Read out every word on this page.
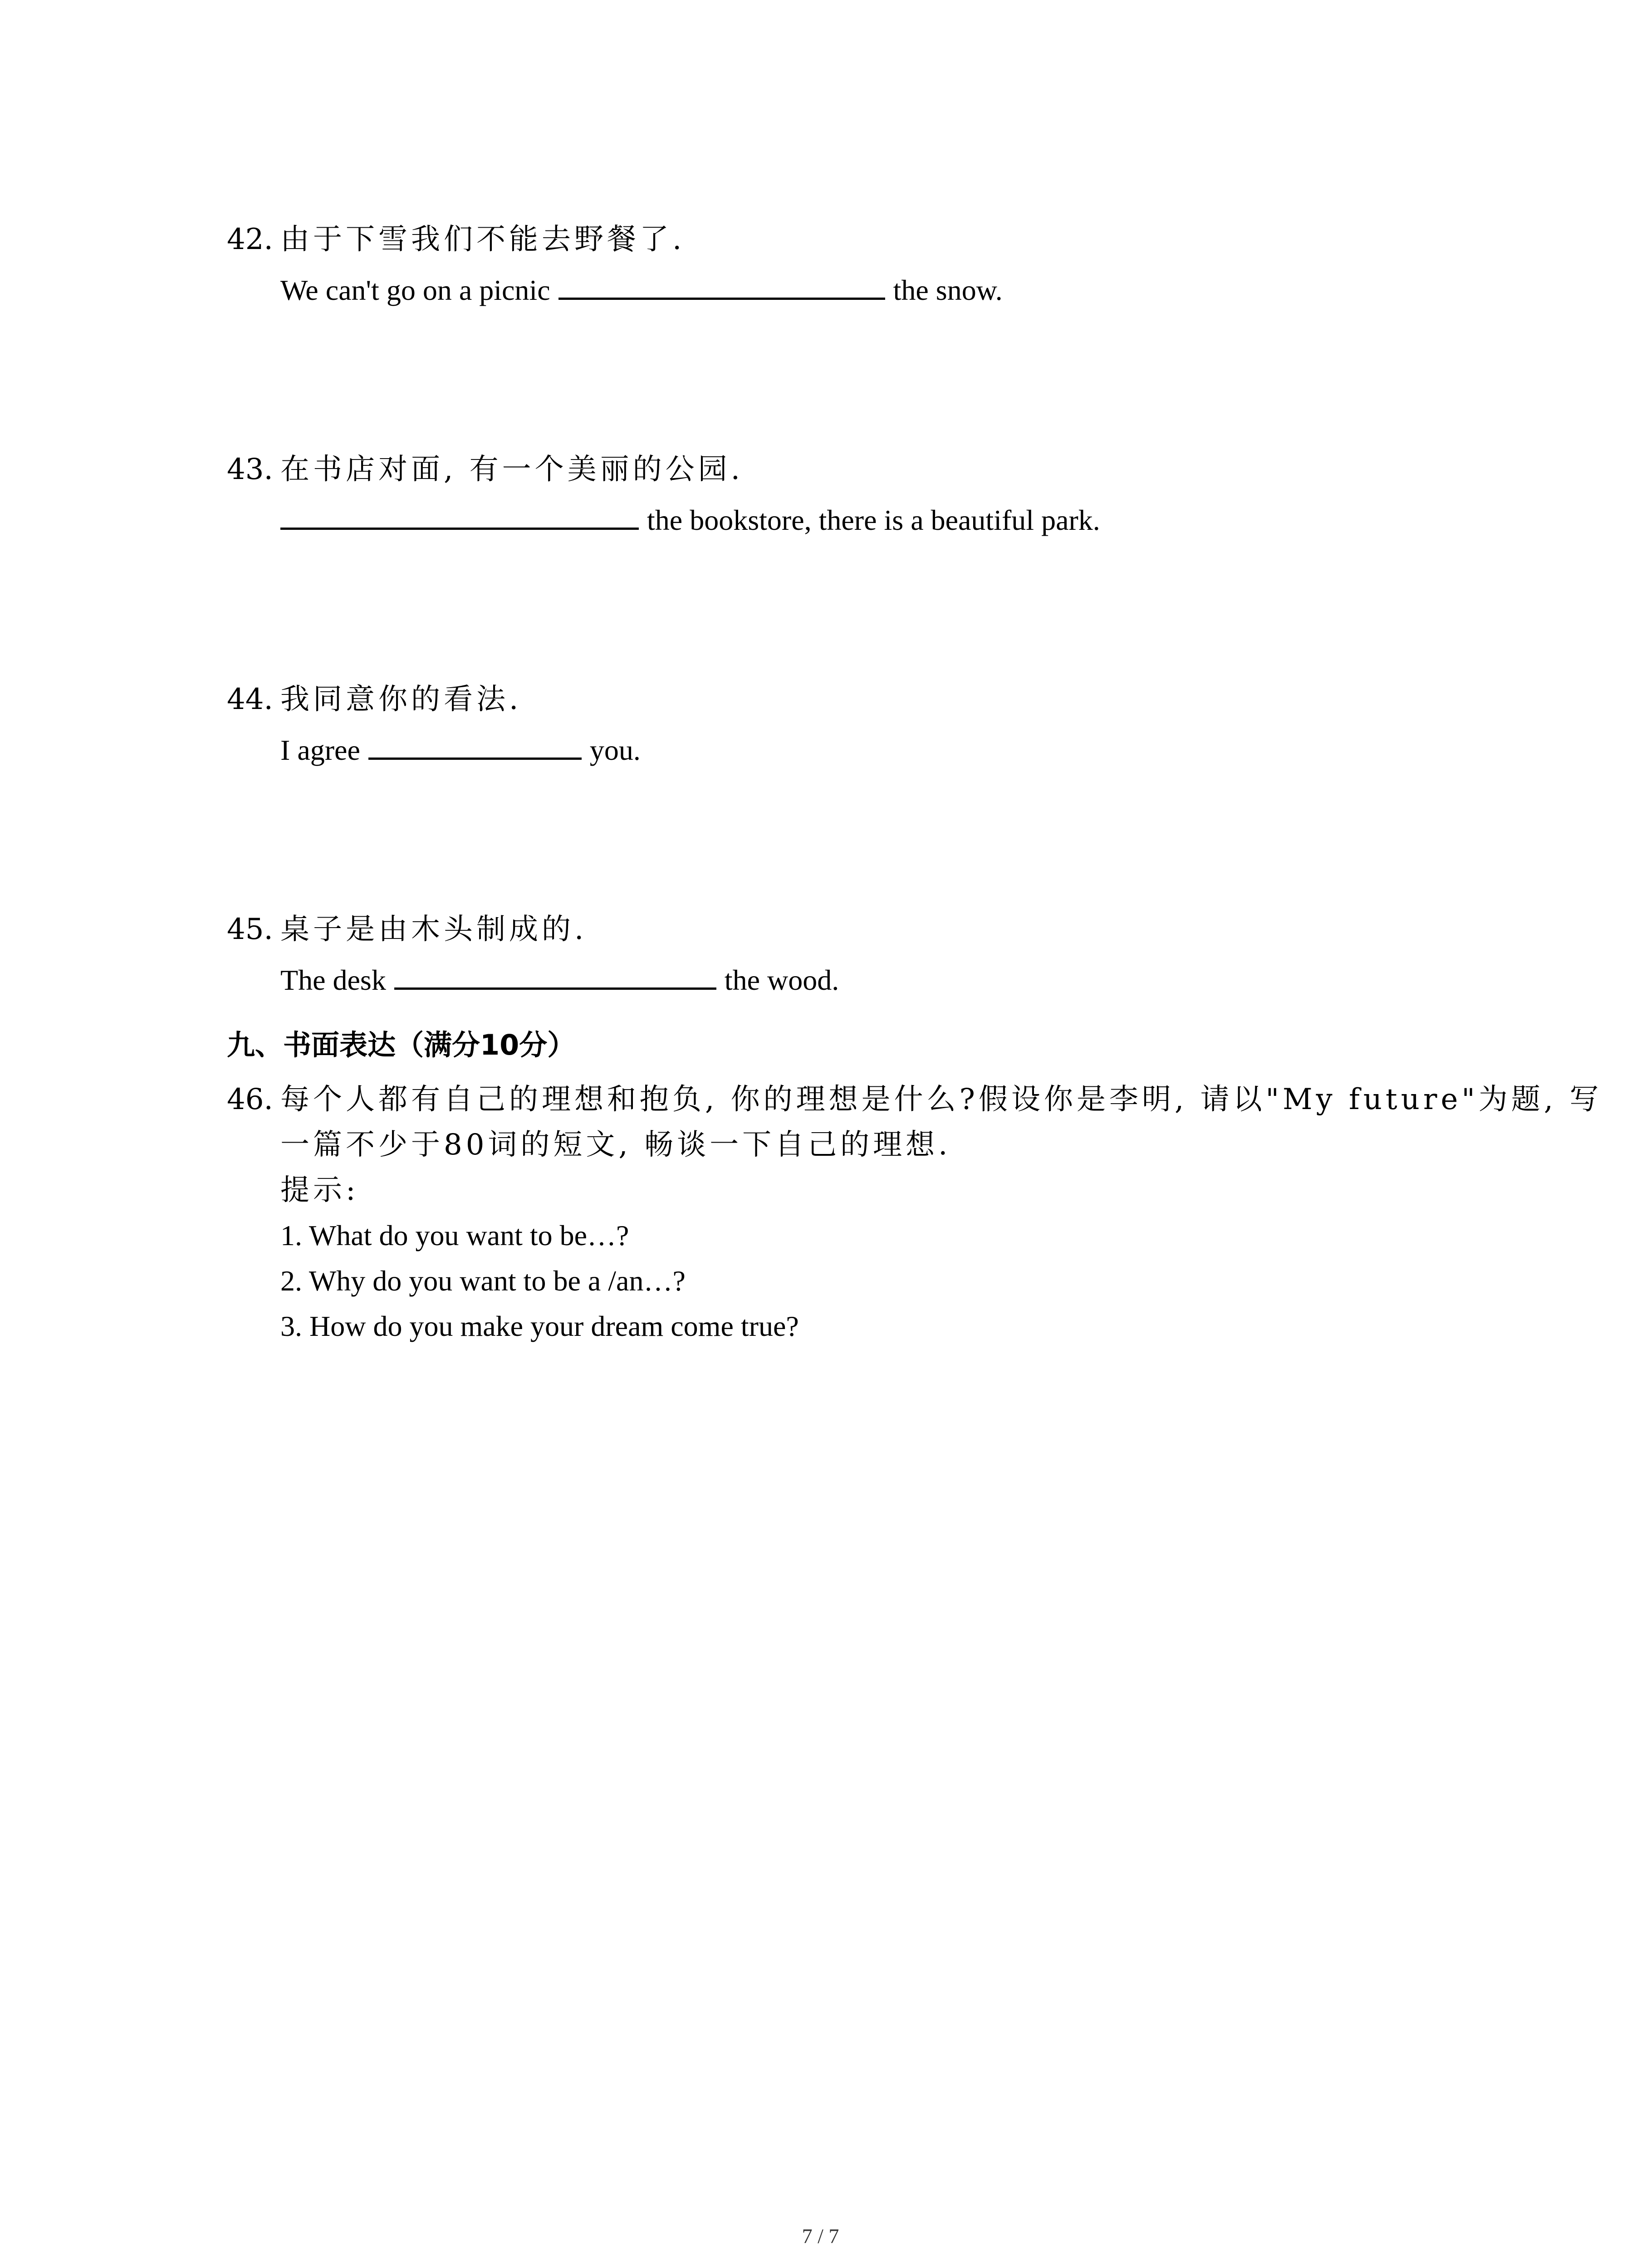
42. 由于下雪我们不能去野餐了.
We can't go on a picnic	the snow.
43. 在书店对面, 有一个美丽的公园.
the bookstore, there is a beautiful park.
44. 我同意你的看法.
I agree	you.
45. 桌子是由木头制成的.
The desk	the wood.
九、书面表达（满分10分）
46. 每个人都有自己的理想和抱负, 你的理想是什么?假设你是李明, 请以"My future"为题, 写
一篇不少于80词的短文, 畅谈一下自己的理想.
提示:
1. What do you want to be…?
2. Why do you want to be a /an…?
3. How do you make your dream come true?
7 / 7
